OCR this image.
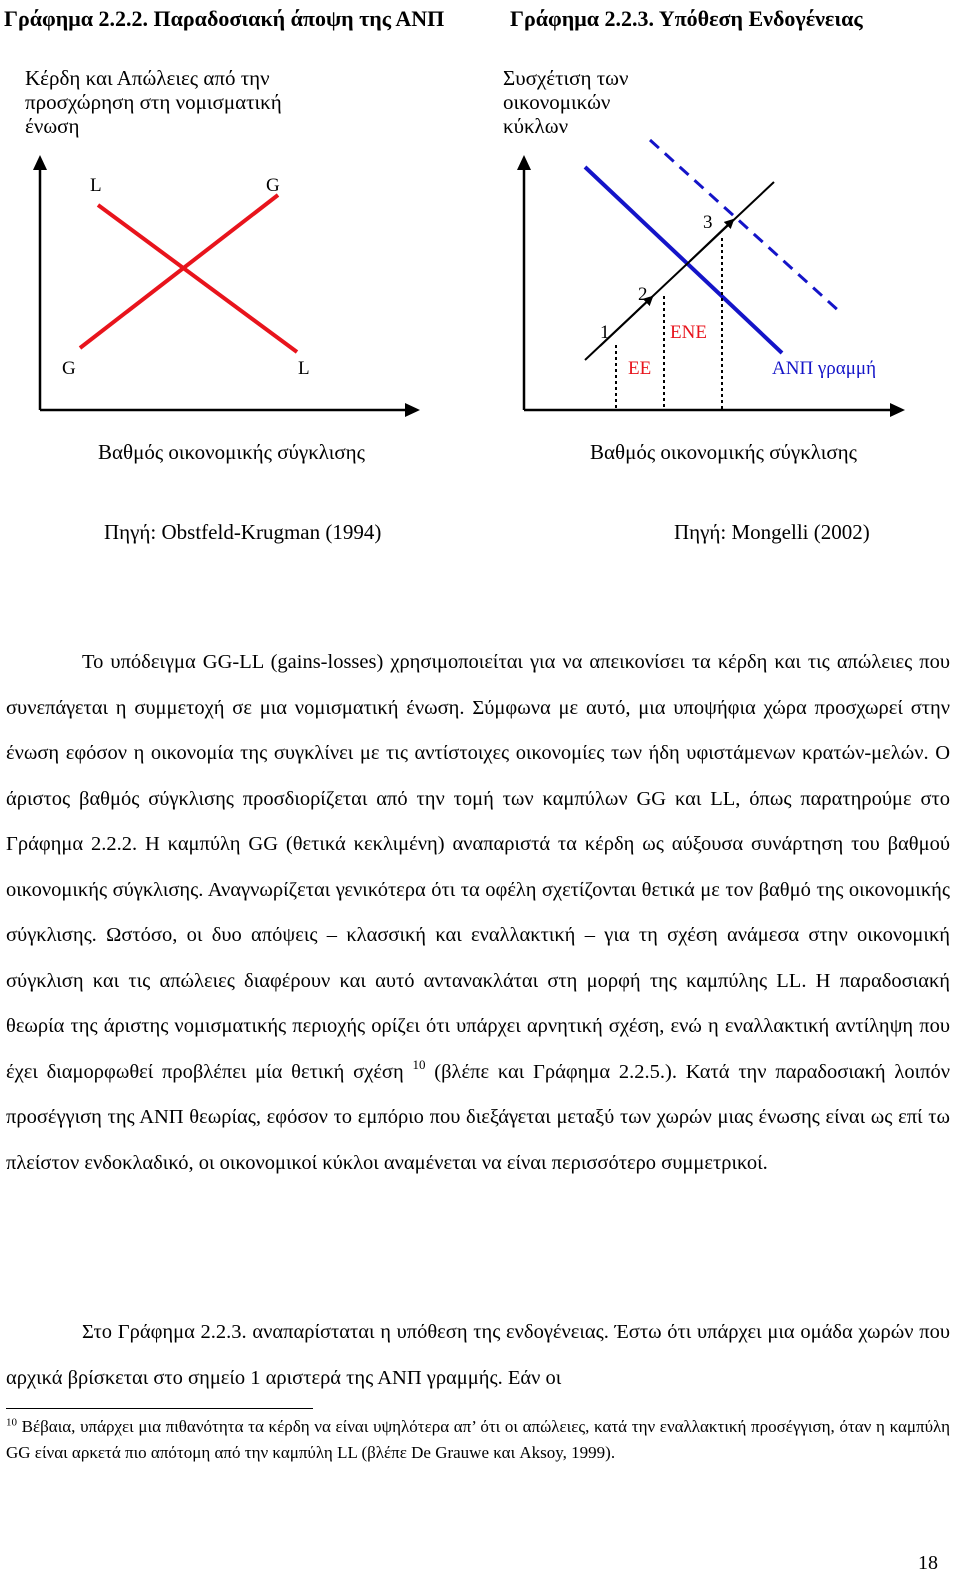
Γράφημα 2.2.2. Παραδοσιακή άποψη της ΑΝΠ	Γράφημα 2.2.3. Υπόθεση Ενδογένειας
Κέρδη και Απώλειες από την προσχώρηση στη νομισματική ένωση
Συσχέτιση των οικονομικών κύκλων
L	G
G	L
1
2
3
ΕΝΕ
ΕΕ	ΑΝΠ γραμμή
Βαθμός οικονομικής σύγκλισης	Βαθμός οικονομικής σύγκλισης
Πηγή: Obstfeld-Krugman (1994)	Πηγή: Mongelli (2002)

Το υπόδειγμα GG-LL (gains-losses) χρησιμοποιείται για να απεικονίσει τα κέρδη και τις απώλειες που συνεπάγεται η συμμετοχή σε μια νομισματική ένωση. Σύμφωνα με αυτό, μια υποψήφια χώρα προσχωρεί στην ένωση εφόσον η οικονομία της συγκλίνει με τις αντίστοιχες οικονομίες των ήδη υφιστάμενων κρατών-μελών. Ο άριστος βαθμός σύγκλισης προσδιορίζεται από την τομή των καμπύλων GG και LL, όπως παρατηρούμε στο Γράφημα 2.2.2. Η καμπύλη GG (θετικά κεκλιμένη) αναπαριστά τα κέρδη ως αύξουσα συνάρτηση του βαθμού οικονομικής σύγκλισης. Αναγνωρίζεται γενικότερα ότι τα οφέλη σχετίζονται θετικά με τον βαθμό της οικονομικής σύγκλισης. Ωστόσο, οι δυο απόψεις – κλασσική και εναλλακτική – για τη σχέση ανάμεσα στην οικονομική σύγκλιση και τις απώλειες διαφέρουν και αυτό αντανακλάται στη μορφή της καμπύλης LL. Η παραδοσιακή θεωρία της άριστης νομισματικής περιοχής ορίζει ότι υπάρχει αρνητική σχέση, ενώ η εναλλακτική αντίληψη που έχει διαμορφωθεί προβλέπει μία θετική σχέση $^{10}$ (βλέπε και Γράφημα 2.2.5.). Κατά την παραδοσιακή λοιπόν προσέγγιση της ΑΝΠ θεωρίας, εφόσον το εμπόριο που διεξάγεται μεταξύ των χωρών μιας ένωσης είναι ως επί τω πλείστον ενδοκλαδικό, οι οικονομικοί κύκλοι αναμένεται να είναι περισσότερο συμμετρικοί.

Στο Γράφημα 2.2.3. αναπαρίσταται η υπόθεση της ενδογένειας. Έστω ότι υπάρχει μια ομάδα χωρών που αρχικά βρίσκεται στο σημείο 1 αριστερά της ΑΝΠ γραμμής. Εάν οι

$^{10}$ Βέβαια, υπάρχει μια πιθανότητα τα κέρδη να είναι υψηλότερα απ’ ότι οι απώλειες, κατά την εναλλακτική προσέγγιση, όταν η καμπύλη GG είναι αρκετά πιο απότομη από την καμπύλη LL (βλέπε De Grauwe και Aksoy, 1999).

18
